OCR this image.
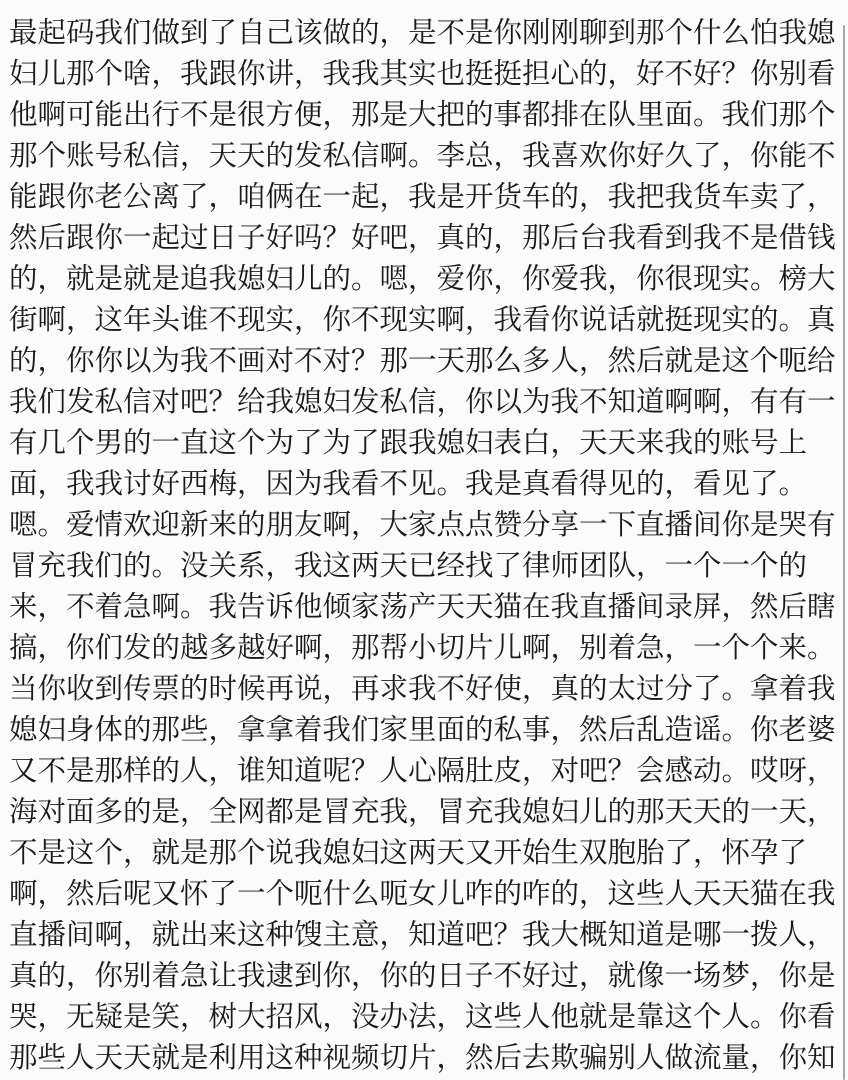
最起码我们做到了自己该做的，是不是你刚刚聊到那个什么怕我媳
妇儿那个啥，我跟你讲，我我其实也挺挺担心的，好不好？你别看
他啊可能出行不是很方便，那是大把的事都排在队里面。我们那个
那个账号私信，天天的发私信啊。李总，我喜欢你好久了，你能不
能跟你老公离了，咱俩在一起，我是开货车的，我把我货车卖了，
然后跟你一起过日子好吗？好吧，真的，那后台我看到我不是借钱
的，就是就是追我媳妇儿的。嗯，爱你，你爱我，你很现实。榜大
街啊，这年头谁不现实，你不现实啊，我看你说话就挺现实的。真
的，你你以为我不画对不对？那一天那么多人，然后就是这个呃给
我们发私信对吧？给我媳妇发私信，你以为我不知道啊啊，有有一
有几个男的一直这个为了为了跟我媳妇表白，天天来我的账号上
面，我我讨好西梅，因为我看不见。我是真看得见的，看见了。
嗯。爱情欢迎新来的朋友啊，大家点点赞分享一下直播间你是哭有
冒充我们的。没关系，我这两天已经找了律师团队，一个一个的
来，不着急啊。我告诉他倾家荡产天天猫在我直播间录屏，然后瞎
搞，你们发的越多越好啊，那帮小切片儿啊，别着急，一个个来。
当你收到传票的时候再说，再求我不好使，真的太过分了。拿着我
媳妇身体的那些，拿拿着我们家里面的私事，然后乱造谣。你老婆
又不是那样的人，谁知道呢？人心隔肚皮，对吧？会感动。哎呀，
海对面多的是，全网都是冒充我，冒充我媳妇儿的那天天的一天，
不是这个，就是那个说我媳妇这两天又开始生双胞胎了，怀孕了
啊，然后呢又怀了一个呃什么呃女儿咋的咋的，这些人天天猫在我
直播间啊，就出来这种馊主意，知道吧？我大概知道是哪一拨人，
真的，你别着急让我逮到你，你的日子不好过，就像一场梦，你是
哭，无疑是笑，树大招风，没办法，这些人他就是靠这个人。你看
那些人天天就是利用这种视频切片，然后去欺骗别人做流量，你知
